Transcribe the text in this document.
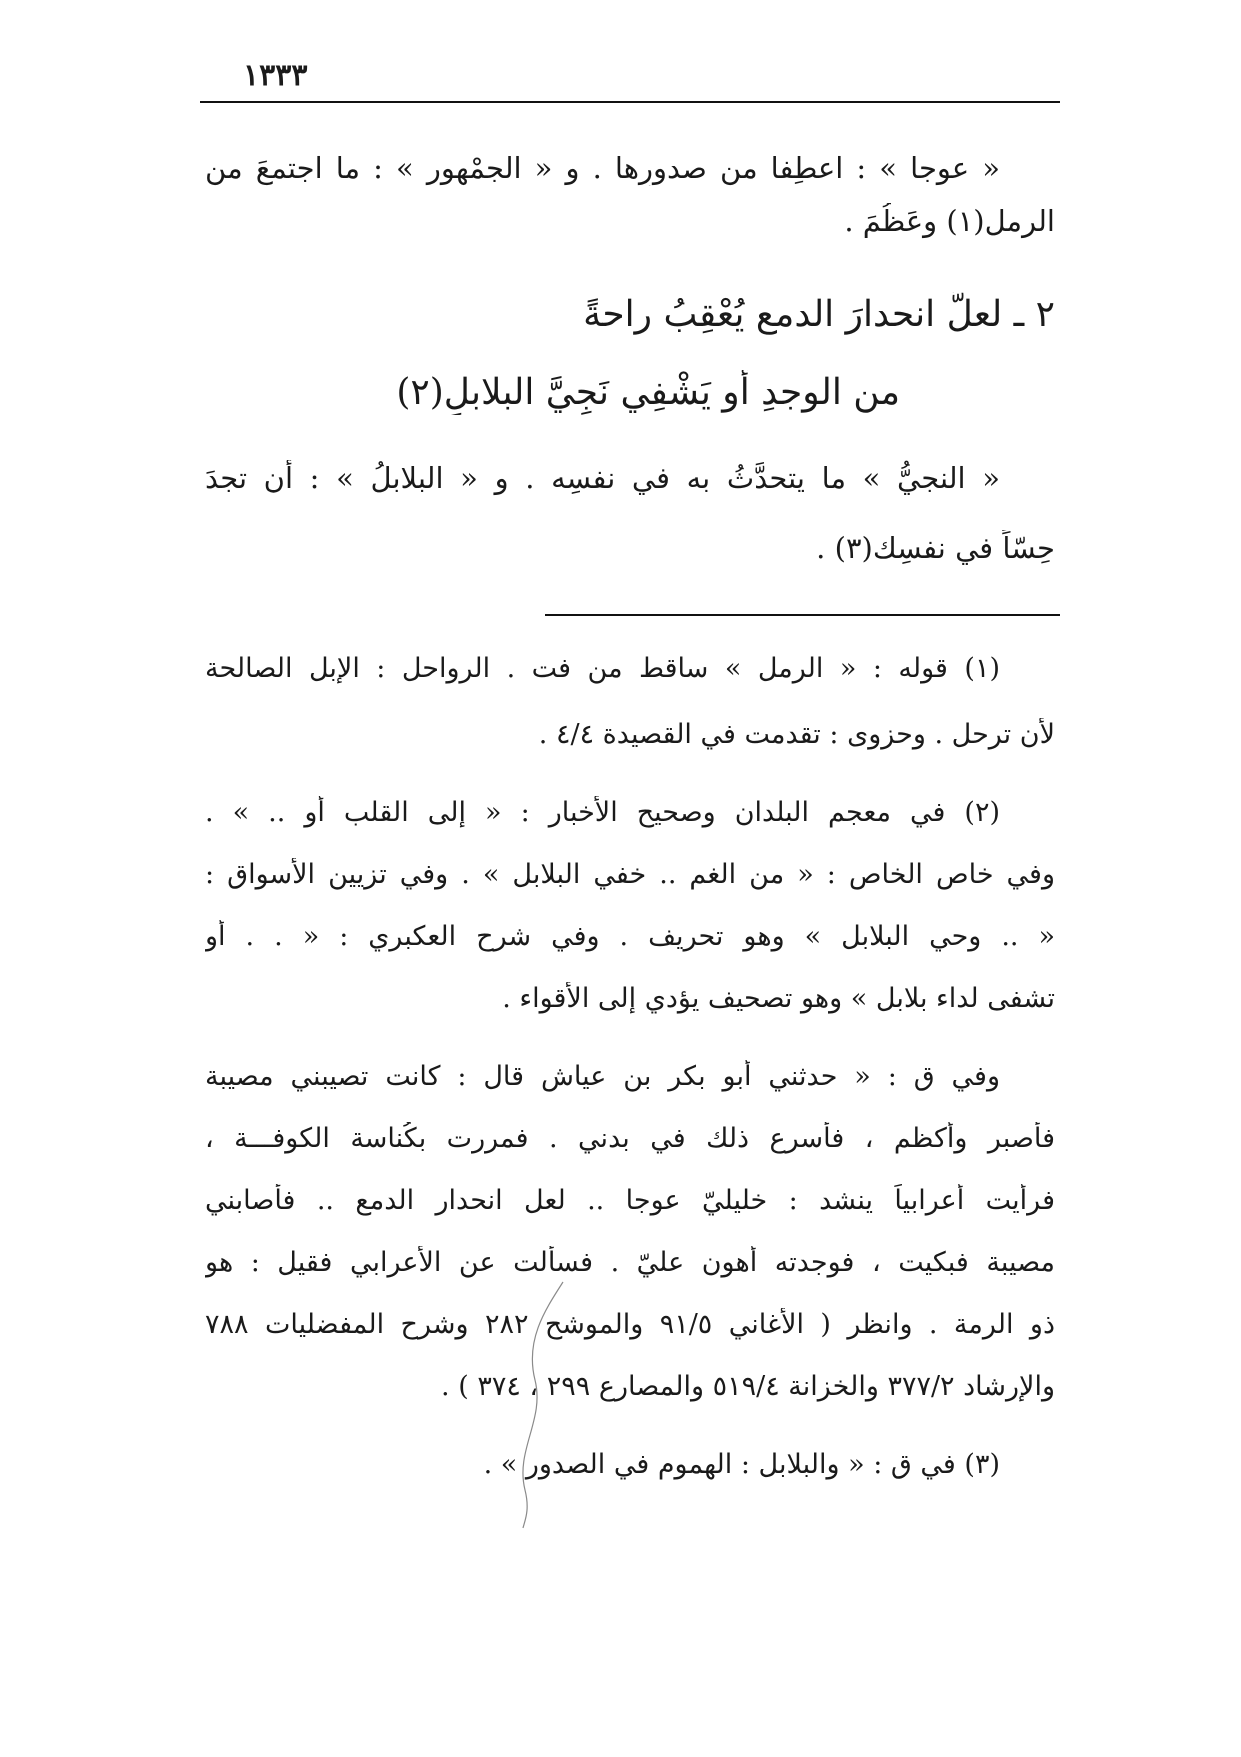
١٣٣٣
« عوجا » : اعطِفا من صدورِها . و « الجمْهور » : ما اجتمعَ من
الرمل(١) وعَظُمَ .
٢ ـ لعلَّ انحدارَ الدمع يُعْقِبُ راحةً
من الوجدِ أو يَشْفِي نَجِيَّ البلابلِ(٢)
« النجيُّ » ما يتحدَّثُ به في نفسِه . و « البلابلُ » : أن تجدَ
حِسّاً في نفسِك(٣) .
(١) قوله : « الرمل » ساقط من فت . الرواحل : الإبل الصالحة
لأن ترحل . وحزوى : تقدمت في القصيدة ٤/٤ .
(٢) في معجم البلدان وصحيح الأخبار : « إلى القلب أو .. » .
وفي خاص الخاص : « من الغم .. خفي البلابل » . وفي تزيين الأسواق :
« .. وحي البلابل » وهو تحريف . وفي شرح العكبري : « . . أو
تشفى لداء بلابل » وهو تصحيف يؤدي إلى الأقواء .
وفي ق : « حدثني أبو بكر بن عياش قال : كانت تصيبني مصيبة
فأصبر وأكظم ، فأسرع ذلك في بدني . فمررت بكُناسة الكوفـــة ،
فرأيت أعرابياً ينشد : خليليّ عوجا .. لعل انحدار الدمع .. فأصابني
مصيبة فبكيت ، فوجدته أهون عليّ . فسألت عن الأعرابي فقيل : هو
ذو الرمة . وانظر ( الأغاني ٩١/٥ والموشح ٢٨٢ وشرح المفضليات ٧٨٨
والإرشاد ٣٧٧/٢ والخزانة ٥١٩/٤ والمصارع ٢٩٩ ، ٣٧٤ ) .
(٣) في ق : « والبلابل : الهموم في الصدور » .
